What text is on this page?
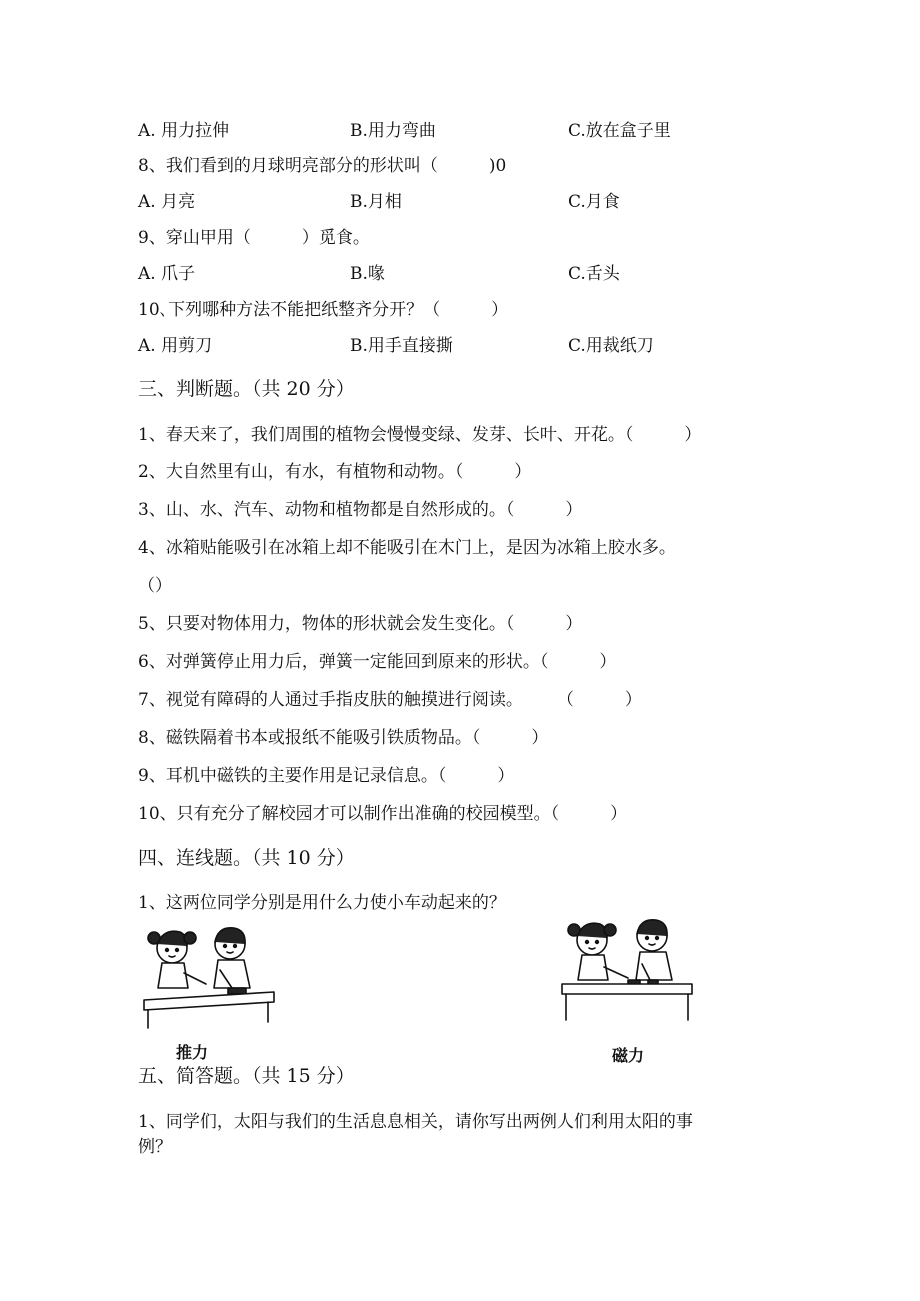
A. 用力拉伸	B.用力弯曲	C.放在盒子里
8、我们看到的月球明亮部分的形状叫（　　　)0
A. 月亮	B.月相	C.月食
9、穿山甲用（　　　）觅食。
A. 爪子	B.喙	C.舌头
10､下列哪种方法不能把纸整齐分开？（　　　）
A. 用剪刀	B.用手直接撕	C.用裁纸刀
三、判断题。（共 20 分）
1、春天来了，我们周围的植物会慢慢变绿、发芽、长叶、开花。（　　　）
2、大自然里有山，有水，有植物和动物。（　　　）
3、山、水、汽车、动物和植物都是自然形成的。（　　　）
4、冰箱贴能吸引在冰箱上却不能吸引在木门上，是因为冰箱上胶水多。
（）
5、只要对物体用力，物体的形状就会发生变化。（　　　）
6、对弹簧停止用力后，弹簧一定能回到原来的形状。（　　　）
7、视觉有障碍的人通过手指皮肤的触摸进行阅读。　　　（　　　）
8、磁铁隔着书本或报纸不能吸引铁质物品。（　　　）
9、耳机中磁铁的主要作用是记录信息。（　　　）
10、只有充分了解校园才可以制作出准确的校园模型。（　　　）
四、连线题。（共 10 分）
1、这两位同学分别是用什么力使小车动起来的？
推力	磁力
五、简答题。（共 15 分）
1、同学们，太阳与我们的生活息息相关，请你写出两例人们利用太阳的事
例？
